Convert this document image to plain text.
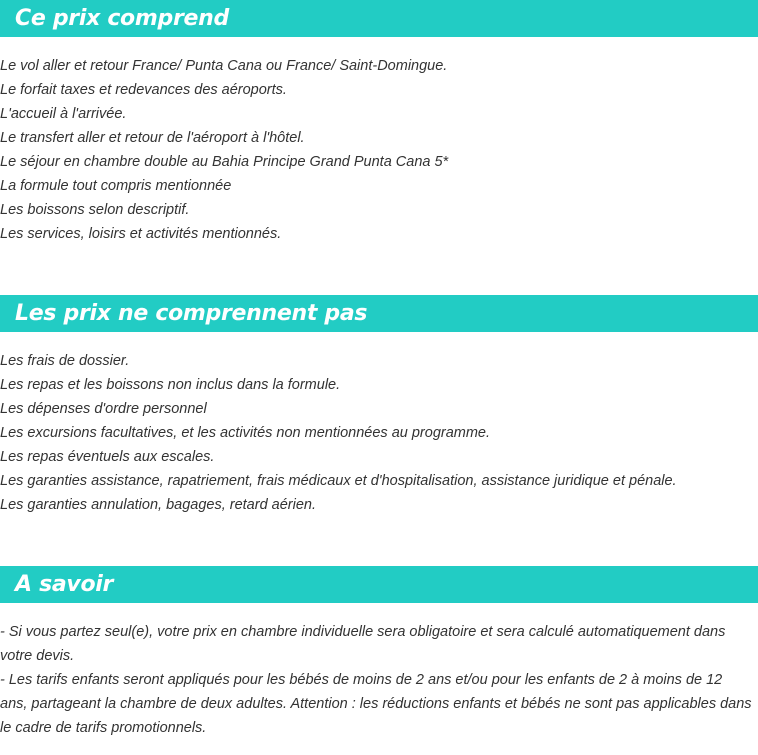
Ce prix comprend
Le vol aller et retour France/ Punta Cana ou France/ Saint-Domingue.
Le forfait taxes et redevances des aéroports.
L'accueil à l'arrivée.
Le transfert aller et retour de l'aéroport à l'hôtel.
Le séjour en chambre double au Bahia Principe Grand Punta Cana 5*
La formule tout compris mentionnée
Les boissons selon descriptif.
Les services, loisirs et activités mentionnés.
Les prix ne comprennent pas
Les frais de dossier.
Les repas et les boissons non inclus dans la formule.
Les dépenses d'ordre personnel
Les excursions facultatives, et les activités non mentionnées au programme.
Les repas éventuels aux escales.
Les garanties assistance, rapatriement, frais médicaux et d'hospitalisation, assistance juridique et pénale.
Les garanties annulation, bagages, retard aérien.
A savoir

- Si vous partez seul(e), votre prix en chambre individuelle sera obligatoire et sera calculé automatiquement dans votre devis.

- Les tarifs enfants seront appliqués pour les bébés de moins de 2 ans et/ou pour les enfants de 2 à moins de 12 ans, partageant la chambre de deux adultes. Attention : les réductions enfants et bébés ne sont pas applicables dans le cadre de tarifs promotionnels.
